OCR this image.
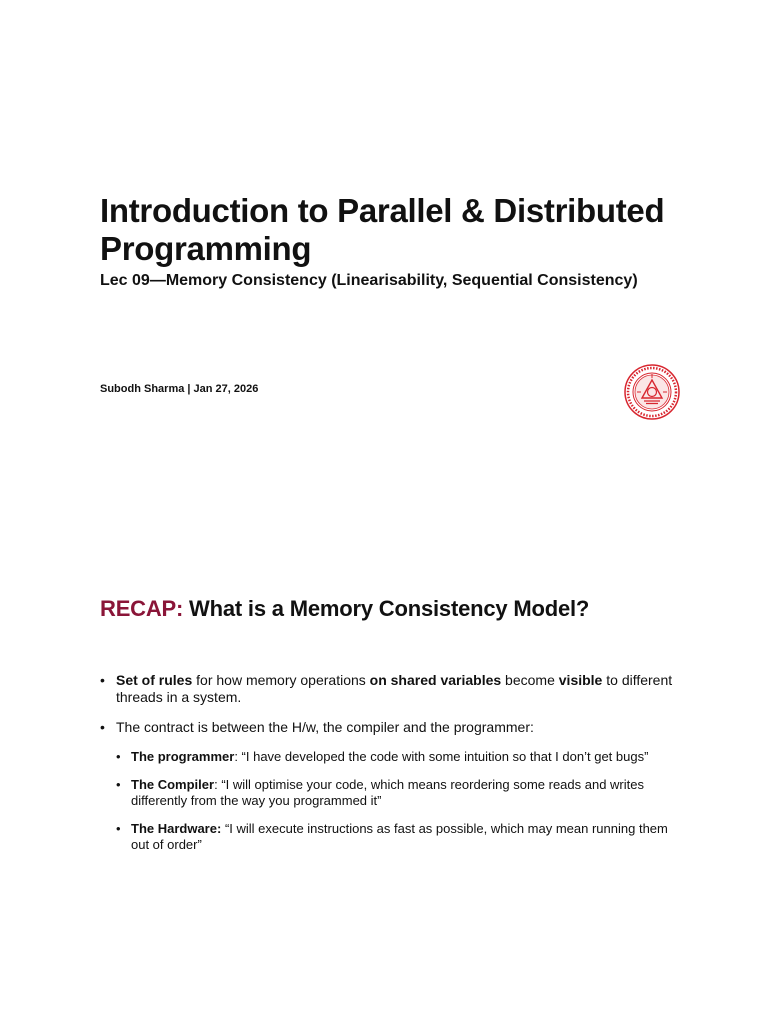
Introduction to Parallel & Distributed Programming
Lec 09—Memory Consistency (Linearisability, Sequential Consistency)
Subodh Sharma | Jan 27, 2026
RECAP: What is a Memory Consistency Model?
• Set of rules for how memory operations on shared variables become visible to different threads in a system.
• The contract is between the H/w, the compiler and the programmer:
• The programmer: “I have developed the code with some intuition so that I don’t get bugs”
• The Compiler: “I will optimise your code, which means reordering some reads and writes differently from the way you programmed it”
• The Hardware: “I will execute instructions as fast as possible, which may mean running them out of order”
